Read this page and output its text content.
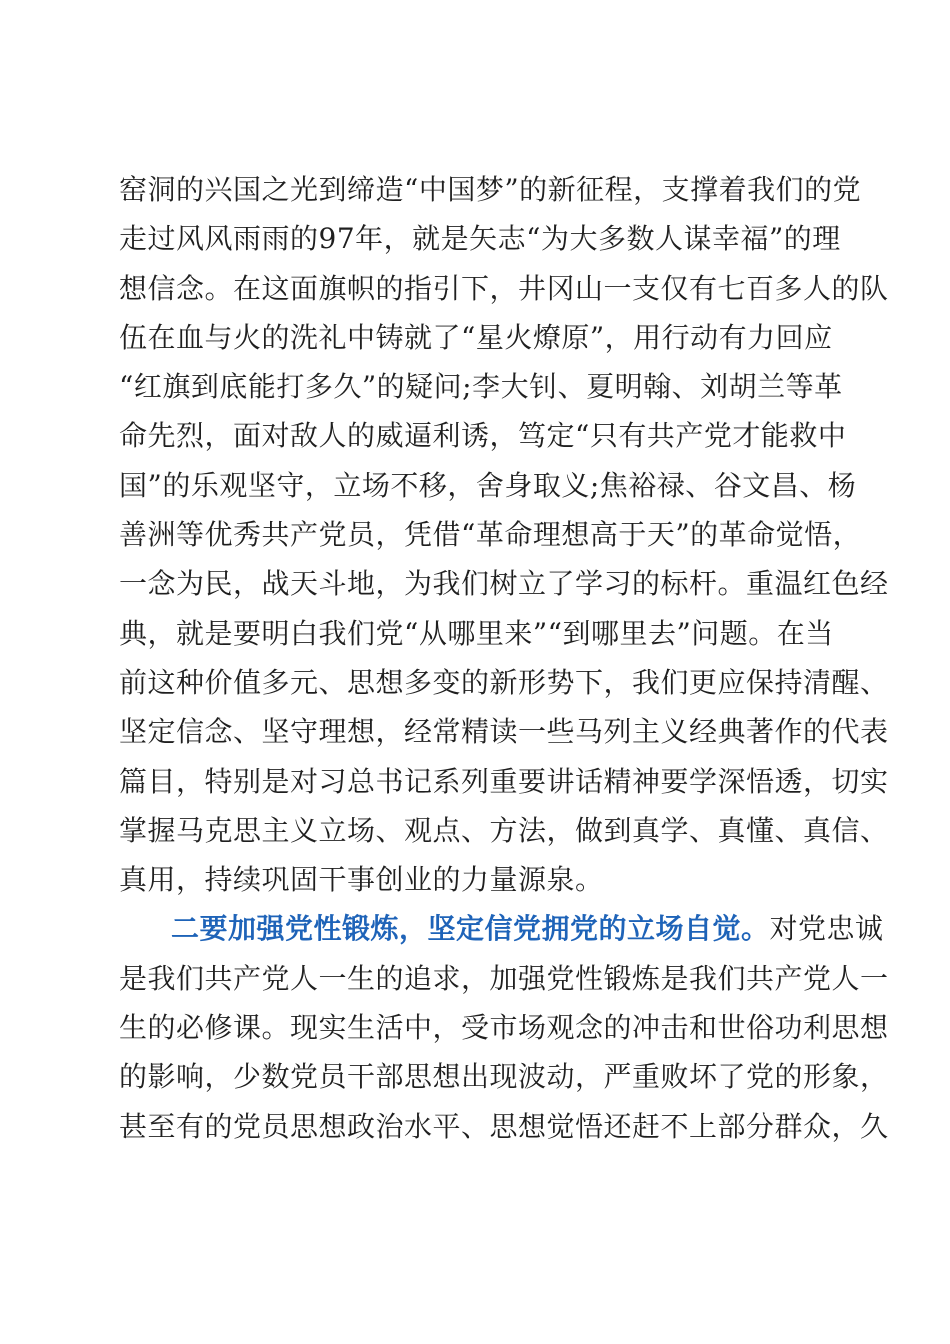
窑洞的兴国之光到缔造“中国梦”的新征程，支撑着我们的党
走过风风雨雨的97年，就是矢志“为大多数人谋幸福”的理
想信念。在这面旗帜的指引下，井冈山一支仅有七百多人的队
伍在血与火的洗礼中铸就了“星火燎原”，用行动有力回应
“红旗到底能打多久”的疑问;李大钊、夏明翰、刘胡兰等革
命先烈，面对敌人的威逼利诱，笃定“只有共产党才能救中
国”的乐观坚守，立场不移，舍身取义;焦裕禄、谷文昌、杨
善洲等优秀共产党员，凭借“革命理想高于天”的革命觉悟，
一念为民，战天斗地，为我们树立了学习的标杆。重温红色经
典，就是要明白我们党“从哪里来”“到哪里去”问题。在当
前这种价值多元、思想多变的新形势下，我们更应保持清醒、
坚定信念、坚守理想，经常精读一些马列主义经典著作的代表
篇目，特别是对习总书记系列重要讲话精神要学深悟透，切实
掌握马克思主义立场、观点、方法，做到真学、真懂、真信、
真用，持续巩固干事创业的力量源泉。
二要加强党性锻炼，坚定信党拥党的立场自觉。对党忠诚
是我们共产党人一生的追求，加强党性锻炼是我们共产党人一
生的必修课。现实生活中，受市场观念的冲击和世俗功利思想
的影响，少数党员干部思想出现波动，严重败坏了党的形象，
甚至有的党员思想政治水平、思想觉悟还赶不上部分群众，久
